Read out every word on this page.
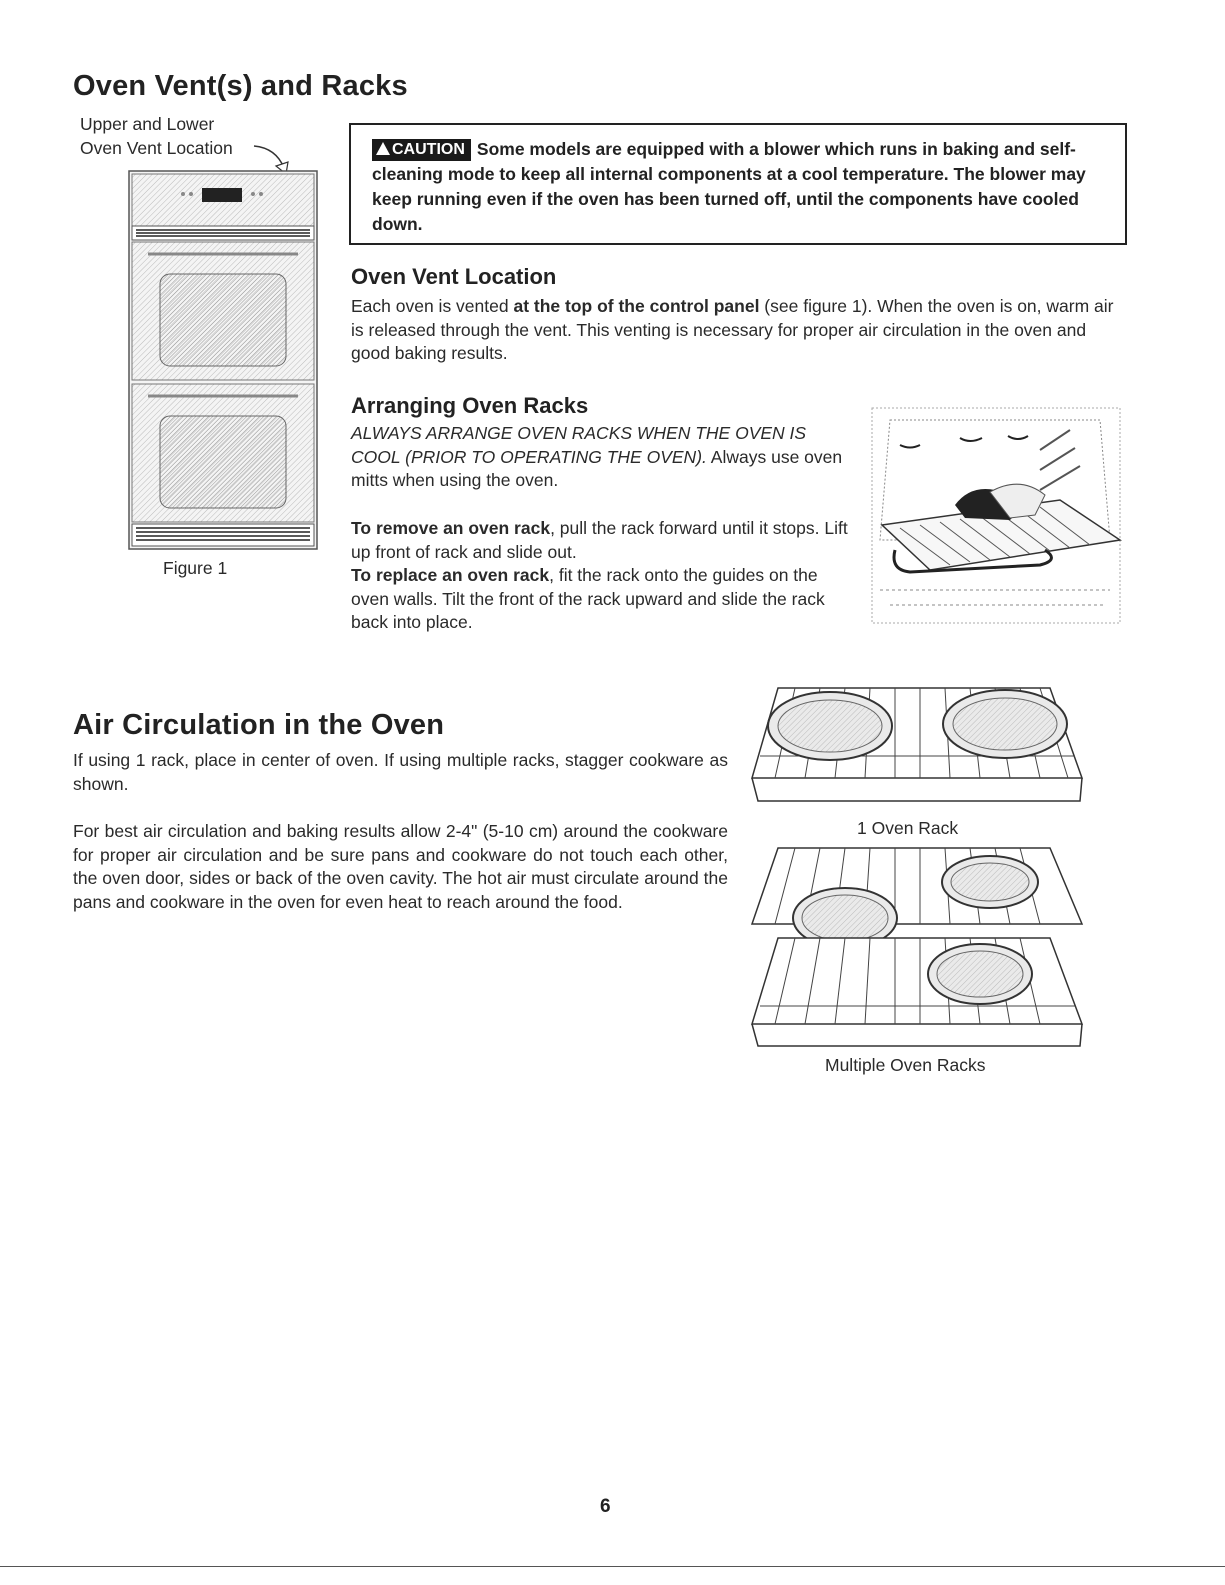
Oven Vent(s) and Racks
Upper and Lower
Oven Vent Location
Figure 1
CAUTION Some models are equipped with a blower which runs in baking and self-cleaning mode to keep all internal components at a cool temperature. The blower may keep running even if the oven has been turned off, until the components have cooled down.
Oven Vent Location
Each oven is vented at the top of the control panel (see figure 1). When the oven is on, warm air is released through the vent. This venting is necessary for proper air circulation in the oven and good baking results.
Arranging Oven Racks
ALWAYS ARRANGE OVEN RACKS WHEN THE OVEN IS COOL (PRIOR TO OPERATING THE OVEN). Always use oven mitts when using the oven.
To remove an oven rack, pull the rack forward until it stops. Lift up front of rack and slide out.
To replace an oven rack, fit the rack onto the guides on the oven walls. Tilt the front of the rack upward and slide the rack back into place.
Air Circulation in the Oven
If using 1 rack, place in center of oven. If using multiple racks, stagger cookware as shown.
For best air circulation and baking results allow 2-4" (5-10 cm) around the cookware for proper air circulation and be sure pans and cookware do not touch each other, the oven door, sides or back of the oven cavity. The hot air must circulate around the pans and cookware in the oven for even heat to reach around the food.
1 Oven Rack
Multiple Oven Racks
6
